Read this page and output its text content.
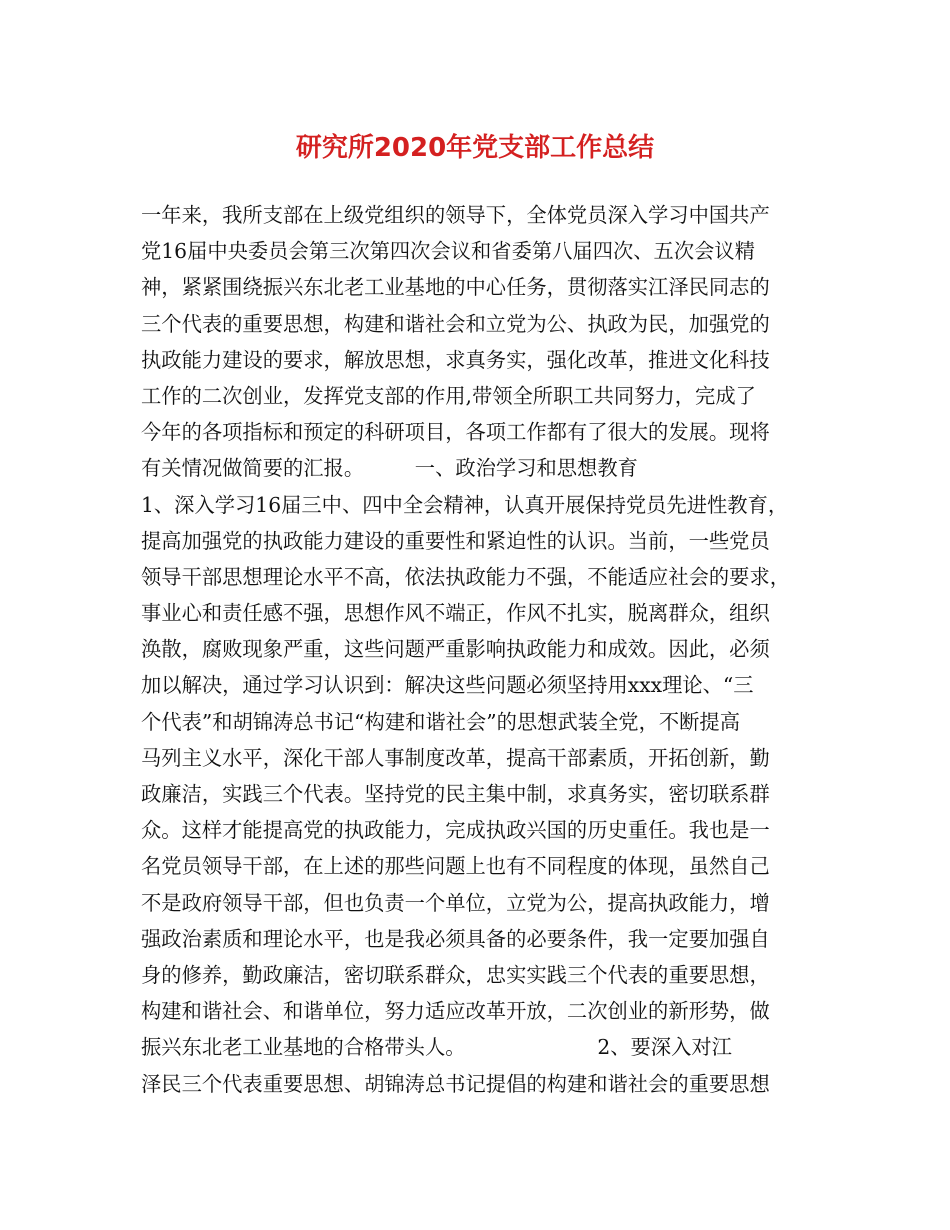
研究所2020年党支部工作总结
一年来，我所支部在上级党组织的领导下，全体党员深入学习中国共产
党16届中央委员会第三次第四次会议和省委第八届四次、五次会议精
神，紧紧围绕振兴东北老工业基地的中心任务，贯彻落实江泽民同志的
三个代表的重要思想，构建和谐社会和立党为公、执政为民，加强党的
执政能力建设的要求，解放思想，求真务实，强化改革，推进文化科技
工作的二次创业，发挥党支部的作用,带领全所职工共同努力，完成了
今年的各项指标和预定的科研项目，各项工作都有了很大的发展。现将
有关情况做简要的汇报。　　　一、政治学习和思想教育
1、深入学习16届三中、四中全会精神，认真开展保持党员先进性教育，
提高加强党的执政能力建设的重要性和紧迫性的认识。当前，一些党员
领导干部思想理论水平不高，依法执政能力不强，不能适应社会的要求，
事业心和责任感不强，思想作风不端正，作风不扎实，脱离群众，组织
涣散，腐败现象严重，这些问题严重影响执政能力和成效。因此，必须
加以解决，通过学习认识到：解决这些问题必须坚持用xxx理论、“三
个代表”和胡锦涛总书记“构建和谐社会”的思想武装全党，不断提高
马列主义水平，深化干部人事制度改革，提高干部素质，开拓创新，勤
政廉洁，实践三个代表。坚持党的民主集中制，求真务实，密切联系群
众。这样才能提高党的执政能力，完成执政兴国的历史重任。我也是一
名党员领导干部，在上述的那些问题上也有不同程度的体现，虽然自己
不是政府领导干部，但也负责一个单位，立党为公，提高执政能力，增
强政治素质和理论水平，也是我必须具备的必要条件，我一定要加强自
身的修养，勤政廉洁，密切联系群众，忠实实践三个代表的重要思想，
构建和谐社会、和谐单位，努力适应改革开放，二次创业的新形势，做
振兴东北老工业基地的合格带头人。　　　　　　　2、要深入对江
泽民三个代表重要思想、胡锦涛总书记提倡的构建和谐社会的重要思想
